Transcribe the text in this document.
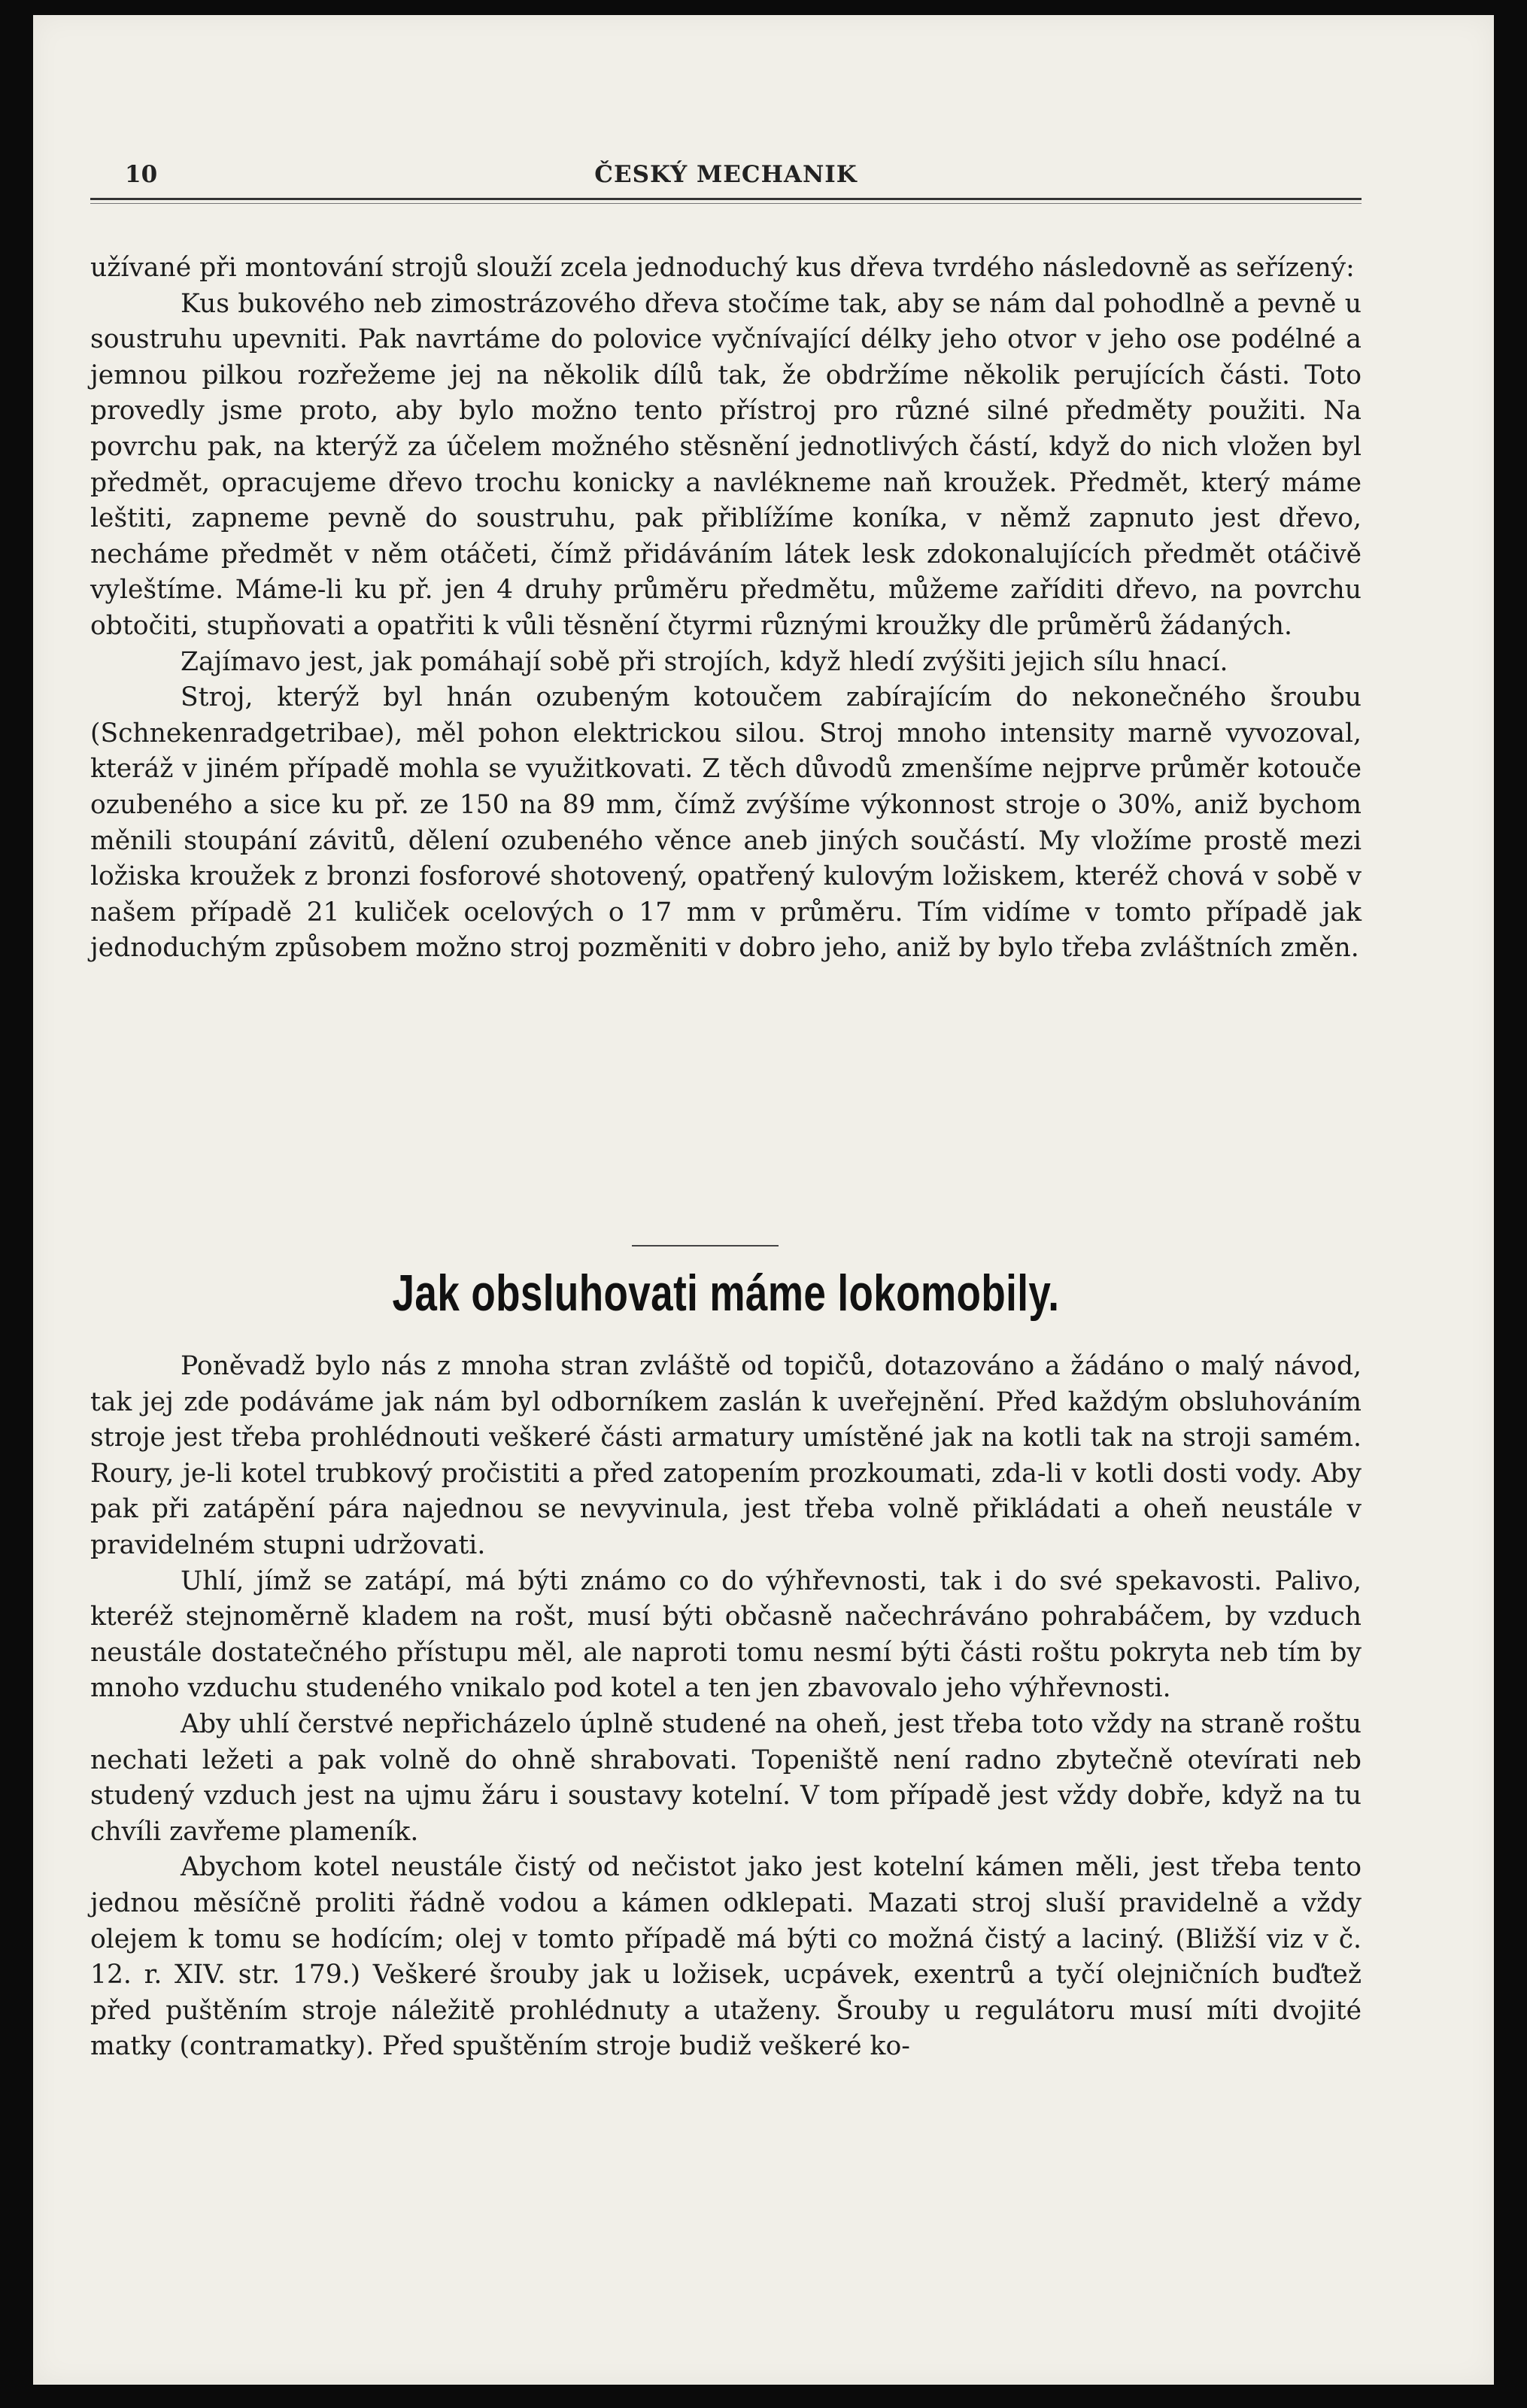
10	ČESKÝ MECHANIK

užívané při montování strojů slouží zcela jednoduchý kus dřeva tvrdého následovně as seřízený:

Kus bukového neb zimostrázového dřeva stočíme tak, aby se nám dal pohodlně a pevně u soustruhu upevniti. Pak navrtáme do polovice vyčnívající délky jeho otvor v jeho ose podélné a jemnou pilkou rozřežeme jej na několik dílů tak, že obdržíme několik perujících části. Toto provedly jsme proto, aby bylo možno tento přístroj pro různé silné předměty použiti. Na povrchu pak, na kterýž za účelem možného stěsnění jednotlivých částí, když do nich vložen byl předmět, opracujeme dřevo trochu konicky a navlékneme naň kroužek. Předmět, který máme leštiti, zapneme pevně do soustruhu, pak přiblížíme koníka, v němž zapnuto jest dřevo, necháme předmět v něm otáčeti, čímž přidáváním látek lesk zdokonalujících předmět otáčivě vyleštíme. Máme-li ku př. jen 4 druhy průměru předmětu, můžeme zaříditi dřevo, na povrchu obtočiti, stupňovati a opatřiti k vůli těsnění čtyrmi různými kroužky dle průměrů žádaných.

Zajímavo jest, jak pomáhají sobě při strojích, když hledí zvýšiti jejich sílu hnací.

Stroj, kterýž byl hnán ozubeným kotoučem zabírajícím do nekonečného šroubu (Schnekenradgetribae), měl pohon elektrickou silou. Stroj mnoho intensity marně vyvozoval, kteráž v jiném případě mohla se využitkovati. Z těch důvodů zmenšíme nejprve průměr kotouče ozubeného a sice ku př. ze 150 na 89 mm, čímž zvýšíme výkonnost stroje o 30%, aniž bychom měnili stoupání závitů, dělení ozubeného věnce aneb jiných součástí. My vložíme prostě mezi ložiska kroužek z bronzi fosforové shotovený, opatřený kulovým ložiskem, kteréž chová v sobě v našem případě 21 kuliček ocelových o 17 mm v průměru. Tím vidíme v tomto případě jak jednoduchým způsobem možno stroj pozměniti v dobro jeho, aniž by bylo třeba zvláštních změn.

Jak obsluhovati máme lokomobily.

Poněvadž bylo nás z mnoha stran zvláště od topičů, dotazováno a žádáno o malý návod, tak jej zde podáváme jak nám byl odborníkem zaslán k uveřejnění. Před každým obsluhováním stroje jest třeba prohlédnouti veškeré části armatury umístěné jak na kotli tak na stroji samém. Roury, je-li kotel trubkový pročistiti a před zatopením prozkoumati, zda-li v kotli dosti vody. Aby pak při zatápění pára najednou se nevyvinula, jest třeba volně přikládati a oheň neustále v pravidelném stupni udržovati.

Uhlí, jímž se zatápí, má býti známo co do výhřevnosti, tak i do své spekavosti. Palivo, kteréž stejnoměrně kladem na rošt, musí býti občasně načechráváno pohrabáčem, by vzduch neustále dostatečného přístupu měl, ale naproti tomu nesmí býti části roštu pokryta neb tím by mnoho vzduchu studeného vnikalo pod kotel a ten jen zbavovalo jeho výhřevnosti.

Aby uhlí čerstvé nepřicházelo úplně studené na oheň, jest třeba toto vždy na straně roštu nechati ležeti a pak volně do ohně shrabovati. Topeniště není radno zbytečně otevírati neb studený vzduch jest na ujmu žáru i soustavy kotelní. V tom případě jest vždy dobře, když na tu chvíli zavřeme plameník.

Abychom kotel neustále čistý od nečistot jako jest kotelní kámen měli, jest třeba tento jednou měsíčně proliti řádně vodou a kámen odklepati. Mazati stroj sluší pravidelně a vždy olejem k tomu se hodícím; olej v tomto případě má býti co možná čistý a laciný. (Bližší viz v č. 12. r. XIV. str. 179.) Veškeré šrouby jak u ložisek, ucpávek, exentrů a tyčí olejničních buďtež před puštěním stroje náležitě prohlédnuty a utaženy. Šrouby u regulátoru musí míti dvojité matky (contramatky). Před spuštěním stroje budiž veškeré ko-
